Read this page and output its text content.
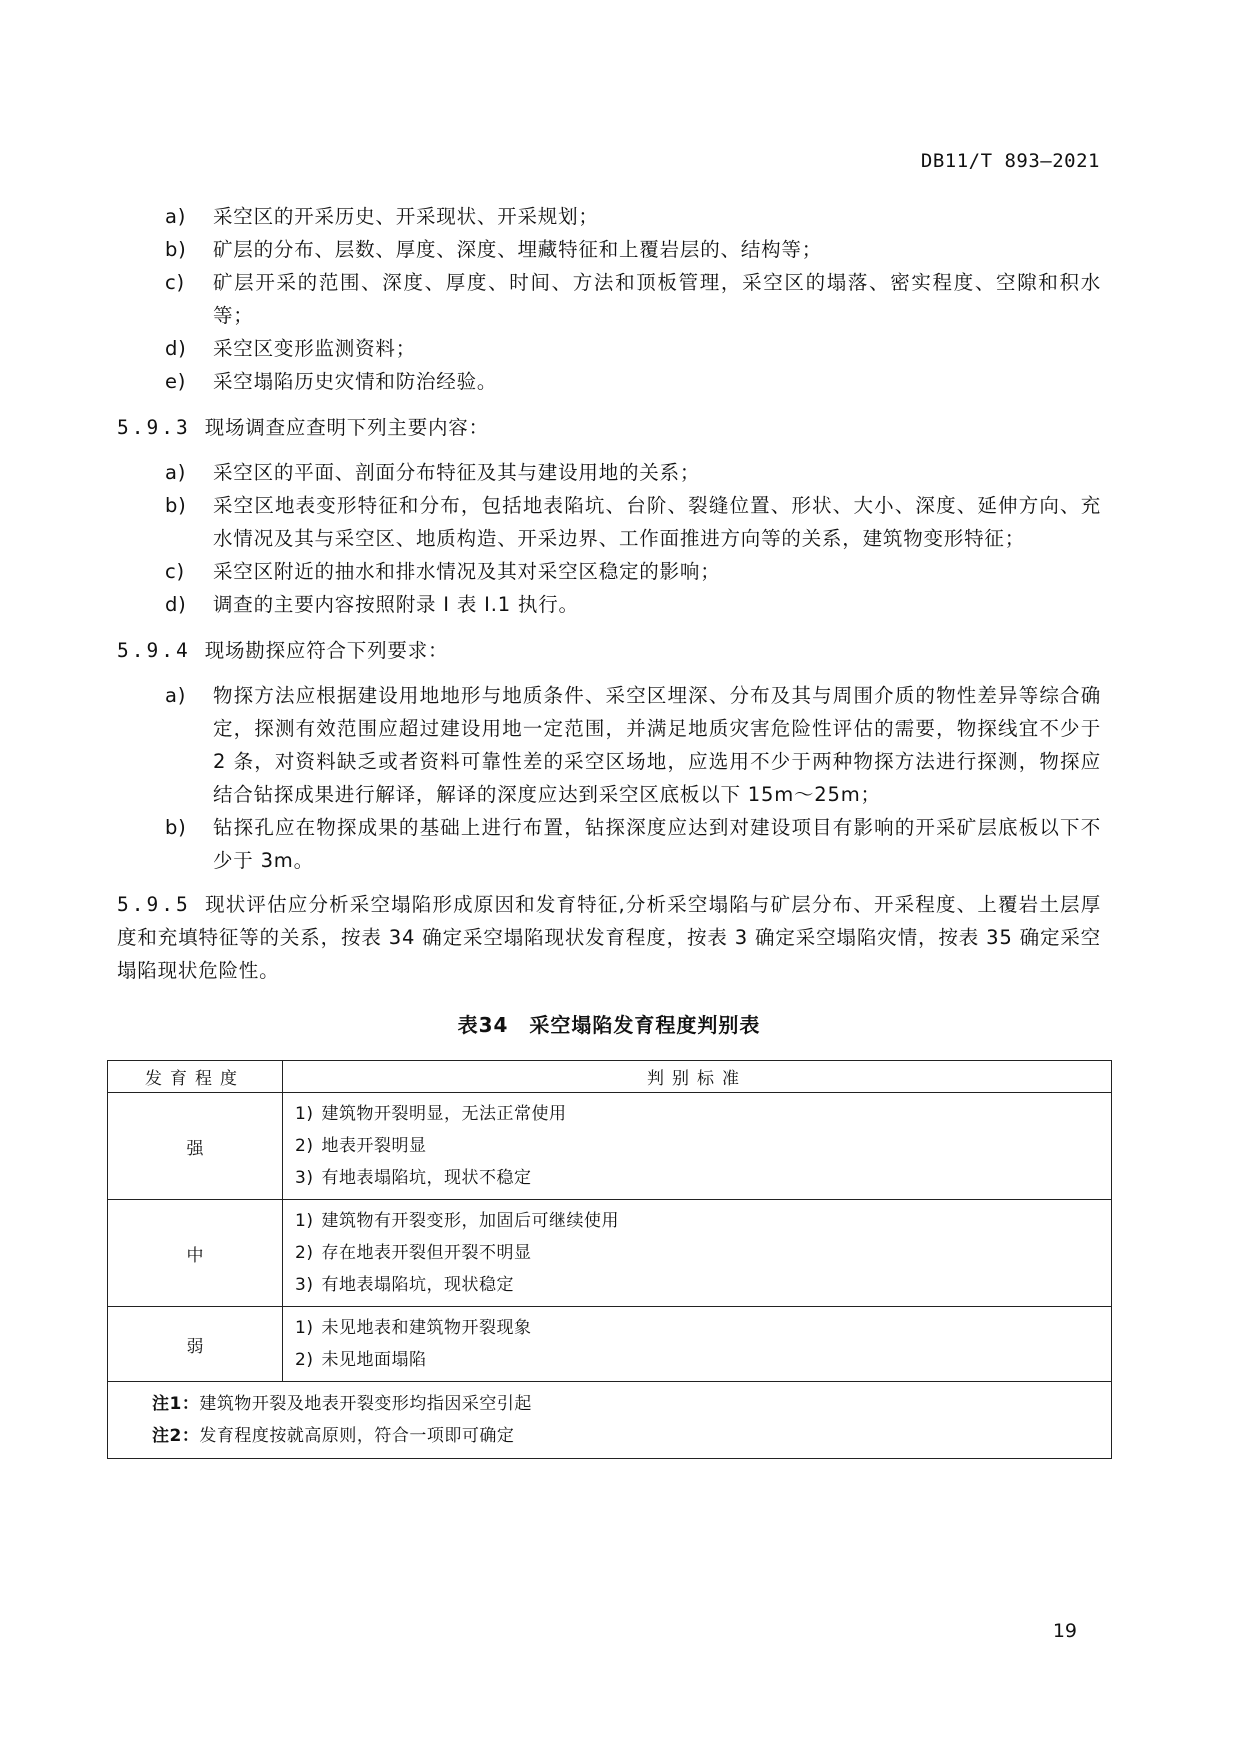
DB11/T 893—2021
a)	采空区的开采历史、开采现状、开采规划；
b)	矿层的分布、层数、厚度、深度、埋藏特征和上覆岩层的、结构等；
c)	矿层开采的范围、深度、厚度、时间、方法和顶板管理，采空区的塌落、密实程度、空隙和积水等；
d)	采空区变形监测资料；
e)	采空塌陷历史灾情和防治经验。
5.9.3 现场调查应查明下列主要内容：
a)	采空区的平面、剖面分布特征及其与建设用地的关系；
b)	采空区地表变形特征和分布，包括地表陷坑、台阶、裂缝位置、形状、大小、深度、延伸方向、充水情况及其与采空区、地质构造、开采边界、工作面推进方向等的关系，建筑物变形特征；
c)	采空区附近的抽水和排水情况及其对采空区稳定的影响；
d)	调查的主要内容按照附录 I 表 I.1 执行。
5.9.4 现场勘探应符合下列要求：
a)	物探方法应根据建设用地地形与地质条件、采空区埋深、分布及其与周围介质的物性差异等综合确定，探测有效范围应超过建设用地一定范围，并满足地质灾害危险性评估的需要，物探线宜不少于 2 条，对资料缺乏或者资料可靠性差的采空区场地，应选用不少于两种物探方法进行探测，物探应结合钻探成果进行解译，解译的深度应达到采空区底板以下 15m～25m；
b)	钻探孔应在物探成果的基础上进行布置，钻探深度应达到对建设项目有影响的开采矿层底板以下不少于 3m。

5.9.5 现状评估应分析采空塌陷形成原因和发育特征,分析采空塌陷与矿层分布、开采程度、上覆岩土层厚度和充填特征等的关系，按表 34 确定采空塌陷现状发育程度，按表 3 确定采空塌陷灾情，按表 35 确定采空塌陷现状危险性。

表34　采空塌陷发育程度判别表
发育程度	判别标准
强	1) 建筑物开裂明显，无法正常使用
2) 地表开裂明显
3) 有地表塌陷坑，现状不稳定

中	1) 建筑物有开裂变形，加固后可继续使用
2) 存在地表开裂但开裂不明显
3) 有地表塌陷坑，现状稳定

弱	1) 未见地表和建筑物开裂现象
2) 未见地面塌陷

注1：建筑物开裂及地表开裂变形均指因采空引起
注2：发育程度按就高原则，符合一项即可确定	
19
